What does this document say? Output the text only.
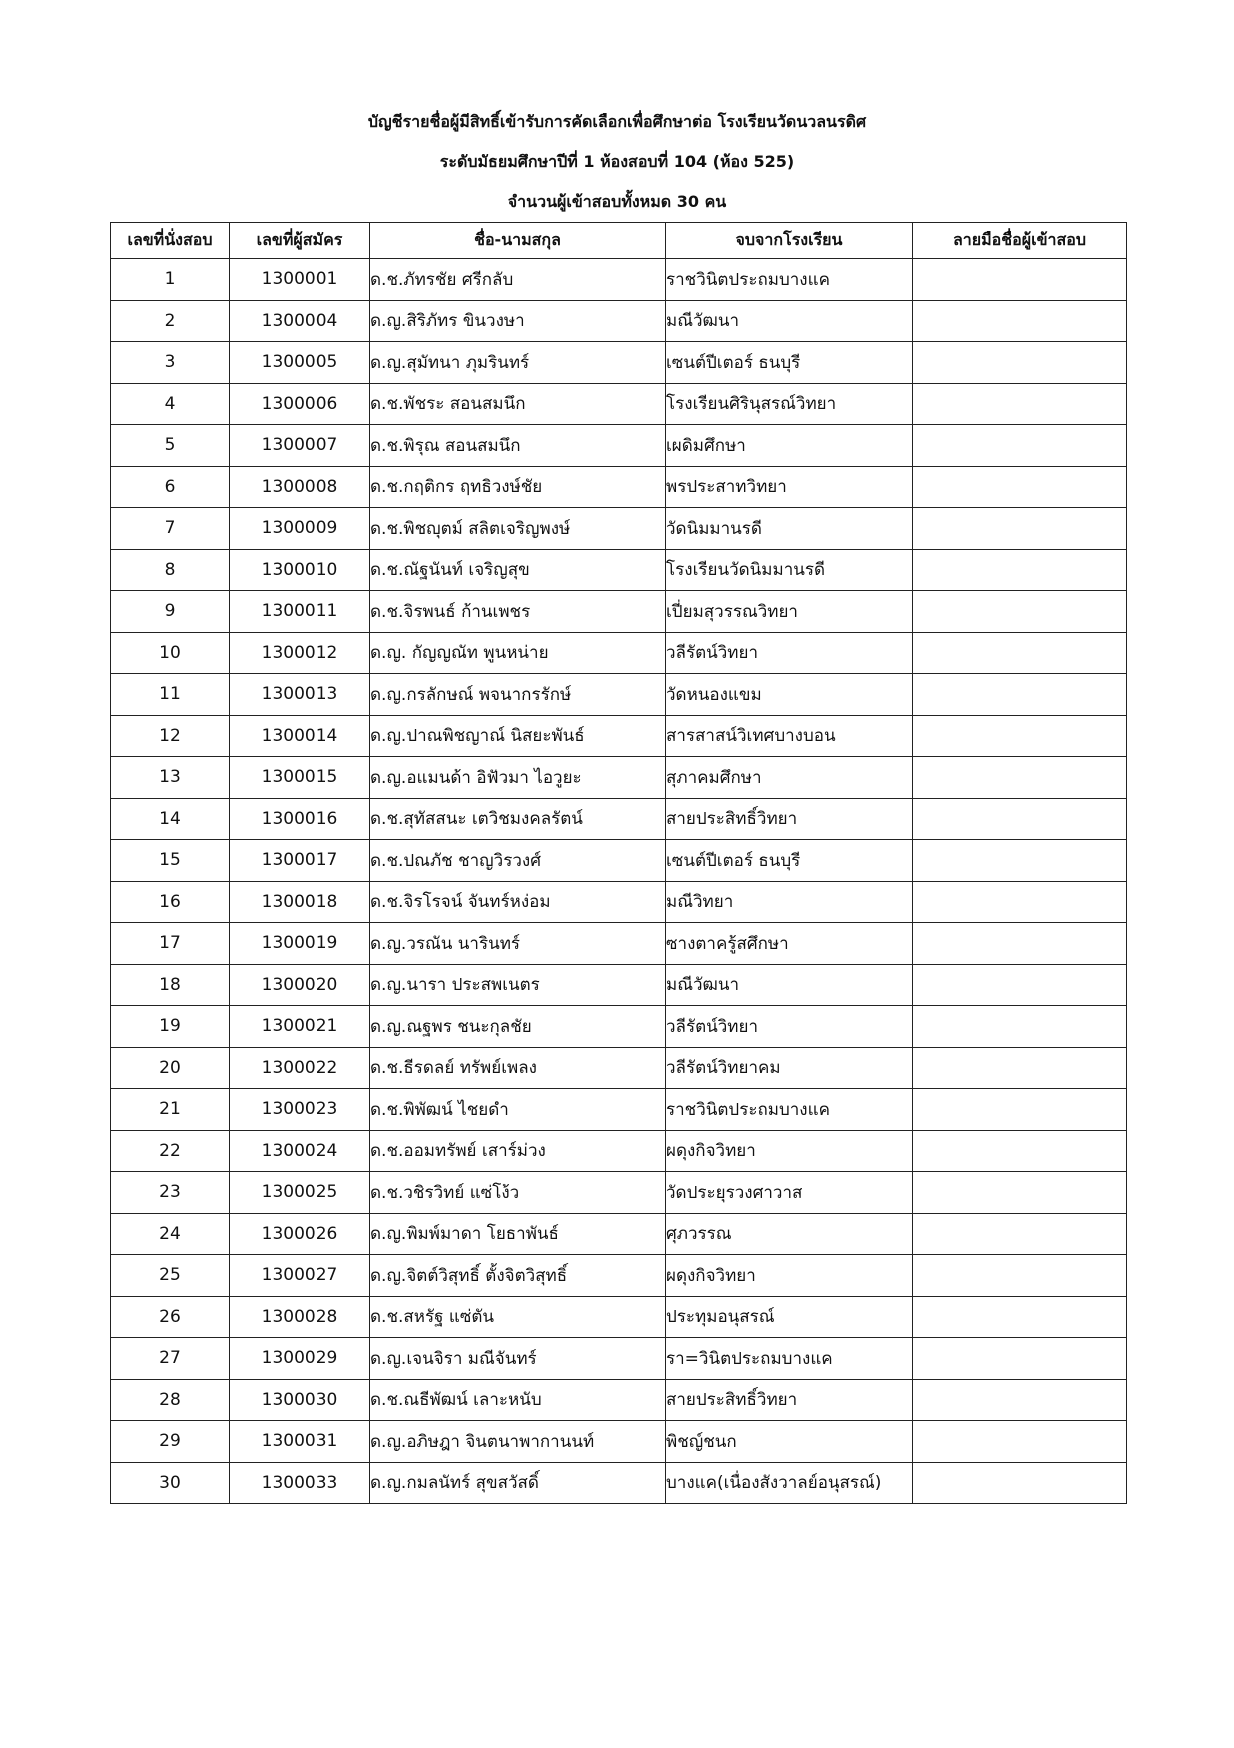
บัญชีรายชื่อผู้มีสิทธิ์เข้ารับการคัดเลือกเพื่อศึกษาต่อ โรงเรียนวัดนวลนรดิศ
ระดับมัธยมศึกษาปีที่ 1 ห้องสอบที่ 104 (ห้อง 525)
จำนวนผู้เข้าสอบทั้งหมด 30 คน
เลขที่นั่งสอบ	เลขที่ผู้สมัคร	ชื่อ-นามสกุล	จบจากโรงเรียน	ลายมือชื่อผู้เข้าสอบ
1	1300001	ด.ช.ภัทรชัย ศรีกลับ	ราชวินิตประถมบางแค	
2	1300004	ด.ญ.สิริภัทร ขินวงษา	มณีวัฒนา	
3	1300005	ด.ญ.สุมัทนา ภุมรินทร์	เซนต์ปีเตอร์ ธนบุรี	
4	1300006	ด.ช.พัชระ สอนสมนึก	โรงเรียนศิรินุสรณ์วิทยา	
5	1300007	ด.ช.พิรุณ สอนสมนึก	เผดิมศึกษา	
6	1300008	ด.ช.กฤติกร ฤทธิวงษ์ชัย	พรประสาทวิทยา	
7	1300009	ด.ช.พิชญุตม์ สลิตเจริญพงษ์	วัดนิมมานรดี	
8	1300010	ด.ช.ณัฐนันท์ เจริญสุข	โรงเรียนวัดนิมมานรดี	
9	1300011	ด.ช.จิรพนธ์ ก้านเพชร	เปี่ยมสุวรรณวิทยา	
10	1300012	ด.ญ. กัญญณัท พูนหน่าย	วลีรัตน์วิทยา	
11	1300013	ด.ญ.กรลักษณ์ พจนากรรักษ์	วัดหนองแขม	
12	1300014	ด.ญ.ปาณพิชญาณ์ นิสยะพันธ์	สารสาสน์วิเทศบางบอน	
13	1300015	ด.ญ.อแมนด้า อิฟัวมา ไอวูยะ	สุภาคมศึกษา	
14	1300016	ด.ช.สุทัสสนะ เตวิชมงคลรัตน์	สายประสิทธิ์วิทยา	
15	1300017	ด.ช.ปณภัช ชาญวิรวงศ์	เซนต์ปีเตอร์ ธนบุรี	
16	1300018	ด.ช.จิรโรจน์ จันทร์หง่อม	มณีวิทยา	
17	1300019	ด.ญ.วรณัน นารินทร์	ซางตาครู้สศึกษา	
18	1300020	ด.ญ.นารา ประสพเนตร	มณีวัฒนา	
19	1300021	ด.ญ.ณฐพร ชนะกุลชัย	วลีรัตน์วิทยา	
20	1300022	ด.ช.ธีรดลย์ ทรัพย์เพลง	วลีรัตน์วิทยาคม	
21	1300023	ด.ช.พิพัฒน์ ไชยดำ	ราชวินิตประถมบางแค	
22	1300024	ด.ช.ออมทรัพย์ เสาร์ม่วง	ผดุงกิจวิทยา	
23	1300025	ด.ช.วชิรวิทย์ แซ่โง้ว	วัดประยุรวงศาวาส	
24	1300026	ด.ญ.พิมพ์มาดา โยธาพันธ์	ศุภวรรณ	
25	1300027	ด.ญ.จิตต์วิสุทธิ์ ตั้งจิตวิสุทธิ์	ผดุงกิจวิทยา	
26	1300028	ด.ช.สหรัฐ แซ่ตัน	ประทุมอนุสรณ์	
27	1300029	ด.ญ.เจนจิรา มณีจันทร์	รา=วินิตประถมบางแค	
28	1300030	ด.ช.ณธีพัฒน์ เลาะหนับ	สายประสิทธิ์วิทยา	
29	1300031	ด.ญ.อภิษฎา จินตนาพากานนท์	พิชญ์ชนก	
30	1300033	ด.ญ.กมลนัทร์ สุขสวัสดิ์	บางแค(เนื่องสังวาลย์อนุสรณ์)	
